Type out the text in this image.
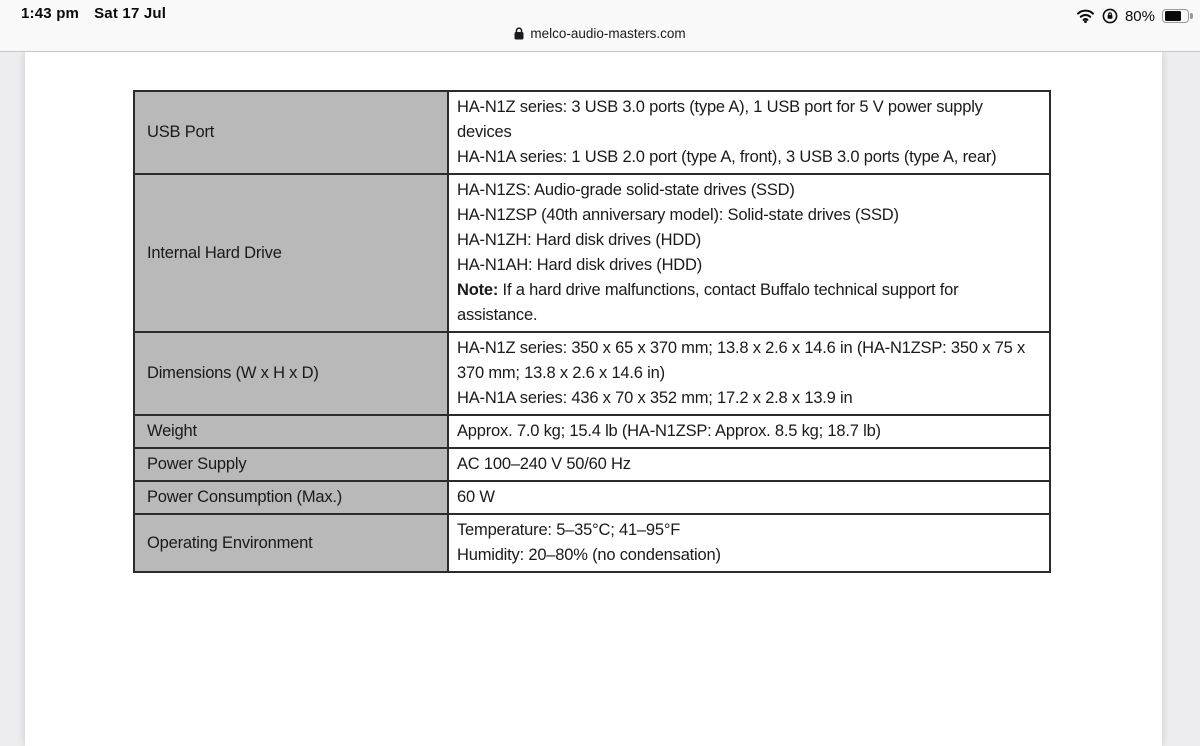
1:43 pm Sat 17 Jul
melco-audio-masters.com
80%
USB Port	HA-N1Z series: 3 USB 3.0 ports (type A), 1 USB port for 5 V power supply devices
HA-N1A series: 1 USB 2.0 port (type A, front), 3 USB 3.0 ports (type A, rear)

Internal Hard Drive	HA-N1ZS: Audio-grade solid-state drives (SSD)
HA-N1ZSP (40th anniversary model): Solid-state drives (SSD)
HA-N1ZH: Hard disk drives (HDD)
HA-N1AH: Hard disk drives (HDD)
Note: If a hard drive malfunctions, contact Buffalo technical support for assistance.

Dimensions (W x H x D)	HA-N1Z series: 350 x 65 x 370 mm; 13.8 x 2.6 x 14.6 in (HA-N1ZSP: 350 x 75 x 370 mm; 13.8 x 2.6 x 14.6 in)
HA-N1A series: 436 x 70 x 352 mm; 17.2 x 2.8 x 13.9 in

Weight	Approx. 7.0 kg; 15.4 lb (HA-N1ZSP: Approx. 8.5 kg; 18.7 lb)

Power Supply	AC 100–240 V 50/60 Hz

Power Consumption (Max.)	60 W

Operating Environment	Temperature: 5–35°C; 41–95°F
Humidity: 20–80% (no condensation)
